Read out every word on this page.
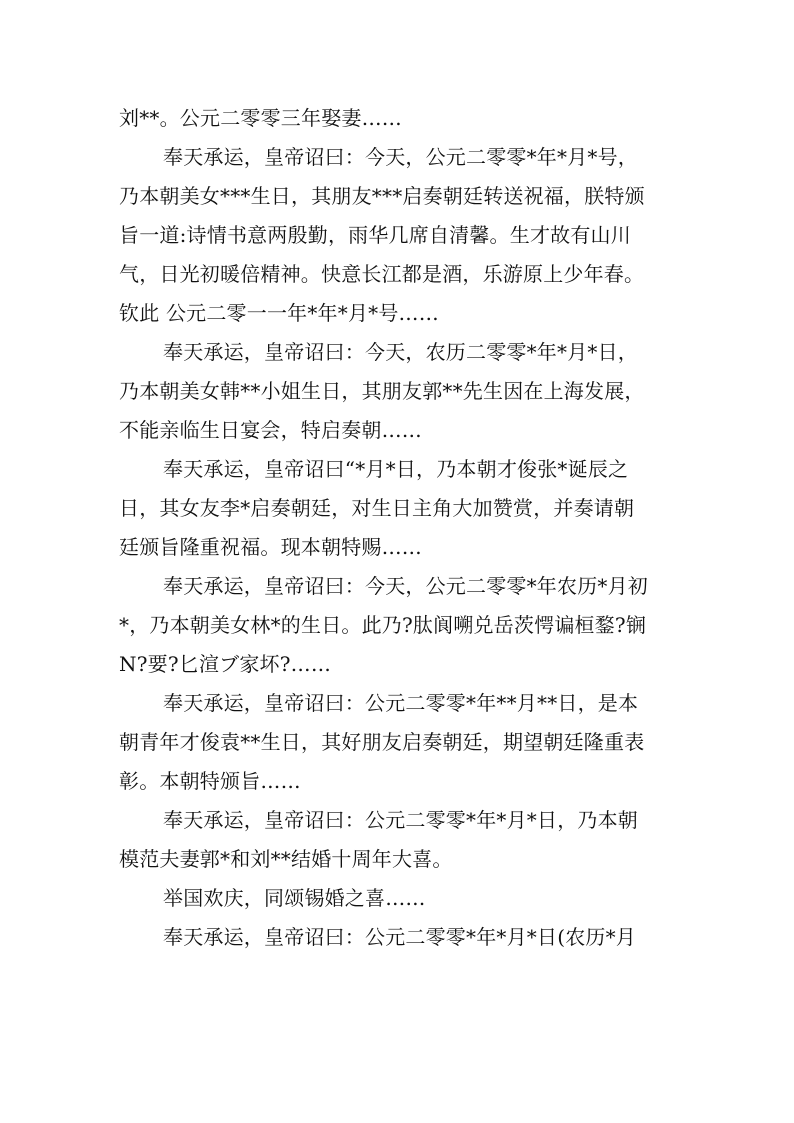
刘**。公元二零零三年娶妻……
奉天承运，皇帝诏曰：今天，公元二零零*年*月*号，
乃本朝美女***生日，其朋友***启奏朝廷转送祝福，朕特颁
旨一道:诗情书意两殷勤，雨华几席自清馨。生才故有山川
气，日光初暖倍精神。快意长江都是酒，乐游原上少年春。
钦此 公元二零一一年*年*月*号……
奉天承运，皇帝诏曰：今天，农历二零零*年*月*日，
乃本朝美女韩**小姐生日，其朋友郭**先生因在上海发展，
不能亲临生日宴会，特启奏朝……
奉天承运，皇帝诏曰“*月*日，乃本朝才俊张*诞辰之
日，其女友李*启奏朝廷，对生日主角大加赞赏，并奏请朝
廷颁旨隆重祝福。现本朝特赐……
奉天承运，皇帝诏曰：今天，公元二零零*年农历*月初
*，乃本朝美女林*的生日。此乃?肽阆嗍兑岳茨愕谝桓鍪?锎
N?要?匕渲ブ家坏?……
奉天承运，皇帝诏曰：公元二零零*年**月**日，是本
朝青年才俊袁**生日，其好朋友启奏朝廷，期望朝廷隆重表
彰。本朝特颁旨……
奉天承运，皇帝诏曰：公元二零零*年*月*日，乃本朝
模范夫妻郭*和刘**结婚十周年大喜。
举国欢庆，同颂锡婚之喜……
奉天承运，皇帝诏曰：公元二零零*年*月*日(农历*月
